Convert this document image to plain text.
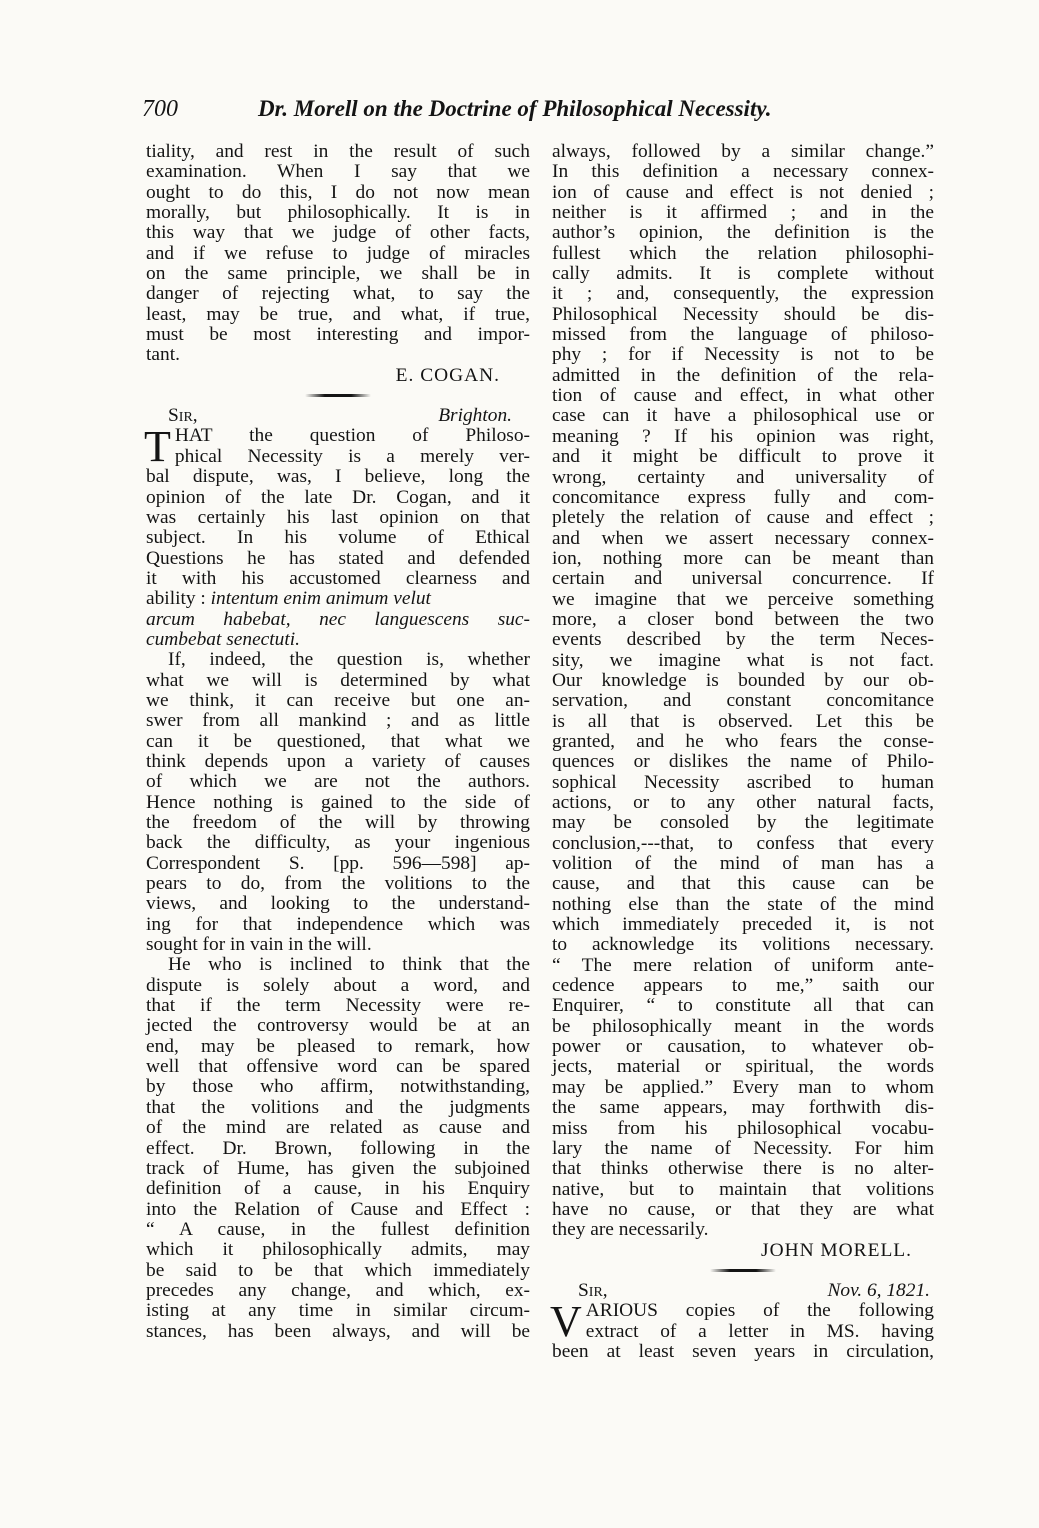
700	Dr. Morell on the Doctrine of Philosophical Necessity.
tiality, and rest in the result of such
examination. When I say that we
ought to do this, I do not now mean
morally, but philosophically. It is in
this way that we judge of other facts,
and if we refuse to judge of miracles
on the same principle, we shall be in
danger of rejecting what, to say the
least, may be true, and what, if true,
must be most interesting and impor-
tant.
E. COGAN.
Sir,	Brighton.
T HAT the question of Philoso-
phical Necessity is a merely ver-
bal dispute, was, I believe, long the
opinion of the late Dr. Cogan, and it
was certainly his last opinion on that
subject. In his volume of Ethical
Questions he has stated and defended
it with his accustomed clearness and
ability : intentum enim animum velut
arcum habebat, nec languescens suc-
cumbebat senectuti.
If, indeed, the question is, whether
what we will is determined by what
we think, it can receive but one an-
swer from all mankind ; and as little
can it be questioned, that what we
think depends upon a variety of causes
of which we are not the authors.
Hence nothing is gained to the side of
the freedom of the will by throwing
back the difficulty, as your ingenious
Correspondent S. [pp. 596—598] ap-
pears to do, from the volitions to the
views, and looking to the understand-
ing for that independence which was
sought for in vain in the will.
He who is inclined to think that the
dispute is solely about a word, and
that if the term Necessity were re-
jected the controversy would be at an
end, may be pleased to remark, how
well that offensive word can be spared
by those who affirm, notwithstanding,
that the volitions and the judgments
of the mind are related as cause and
effect. Dr. Brown, following in the
track of Hume, has given the subjoined
definition of a cause, in his Enquiry
into the Relation of Cause and Effect :
“ A cause, in the fullest definition
which it philosophically admits, may
be said to be that which immediately
precedes any change, and which, ex-
isting at any time in similar circum-
stances, has been always, and will be
always, followed by a similar change.”
In this definition a necessary connex-
ion of cause and effect is not denied ;
neither is it affirmed ; and in the
author’s opinion, the definition is the
fullest which the relation philosophi-
cally admits. It is complete without
it ; and, consequently, the expression
Philosophical Necessity should be dis-
missed from the language of philoso-
phy ; for if Necessity is not to be
admitted in the definition of the rela-
tion of cause and effect, in what other
case can it have a philosophical use or
meaning ? If his opinion was right,
and it might be difficult to prove it
wrong, certainty and universality of
concomitance express fully and com-
pletely the relation of cause and effect ;
and when we assert necessary connex-
ion, nothing more can be meant than
certain and universal concurrence. If
we imagine that we perceive something
more, a closer bond between the two
events described by the term Neces-
sity, we imagine what is not fact.
Our knowledge is bounded by our ob-
servation, and constant concomitance
is all that is observed. Let this be
granted, and he who fears the conse-
quences or dislikes the name of Philo-
sophical Necessity ascribed to human
actions, or to any other natural facts,
may be consoled by the legitimate
conclusion,---that, to confess that every
volition of the mind of man has a
cause, and that this cause can be
nothing else than the state of the mind
which immediately preceded it, is not
to acknowledge its volitions necessary.
“ The mere relation of uniform ante-
cedence appears to me,” saith our
Enquirer, “ to constitute all that can
be philosophically meant in the words
power or causation, to whatever ob-
jects, material or spiritual, the words
may be applied.” Every man to whom
the same appears, may forthwith dis-
miss from his philosophical vocabu-
lary the name of Necessity. For him
that thinks otherwise there is no alter-
native, but to maintain that volitions
have no cause, or that they are what
they are necessarily.
JOHN MORELL.
Sir,	Nov. 6, 1821.
V ARIOUS copies of the following
extract of a letter in MS. having
been at least seven years in circulation,
